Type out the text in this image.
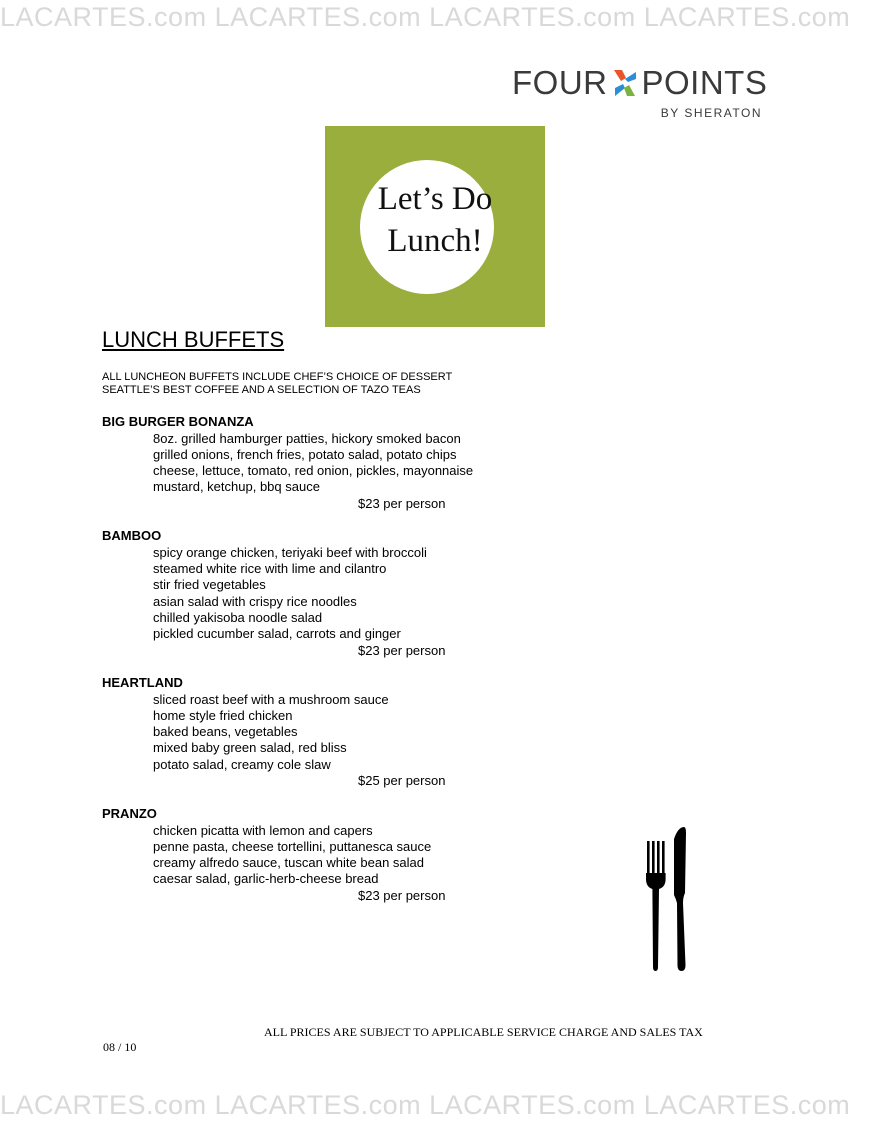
LACARTES.com LACARTES.com LACARTES.com LACARTES.com
FOUR POINTS
BY SHERATON
Let’s Do
Lunch!
LUNCH BUFFETS
ALL LUNCHEON BUFFETS INCLUDE CHEF’S CHOICE OF DESSERT
SEATTLE’S BEST COFFEE AND A SELECTION OF TAZO TEAS
BIG BURGER BONANZA
8oz. grilled hamburger patties, hickory smoked bacon
grilled onions, french fries, potato salad, potato chips
cheese, lettuce, tomato, red onion, pickles, mayonnaise
mustard, ketchup, bbq sauce
$23 per person
BAMBOO
spicy orange chicken, teriyaki beef with broccoli
steamed white rice with lime and cilantro
stir fried vegetables
asian salad with crispy rice noodles
chilled yakisoba noodle salad
pickled cucumber salad, carrots and ginger
$23 per person
HEARTLAND
sliced roast beef with a mushroom sauce
home style fried chicken
baked beans, vegetables
mixed baby green salad, red bliss
potato salad, creamy cole slaw
$25 per person
PRANZO
chicken picatta with lemon and capers
penne pasta, cheese tortellini, puttanesca sauce
creamy alfredo sauce, tuscan white bean salad
caesar salad, garlic-herb-cheese bread
$23 per person
ALL PRICES ARE SUBJECT TO APPLICABLE SERVICE CHARGE AND SALES TAX
08 / 10
LACARTES.com LACARTES.com LACARTES.com LACARTES.com
